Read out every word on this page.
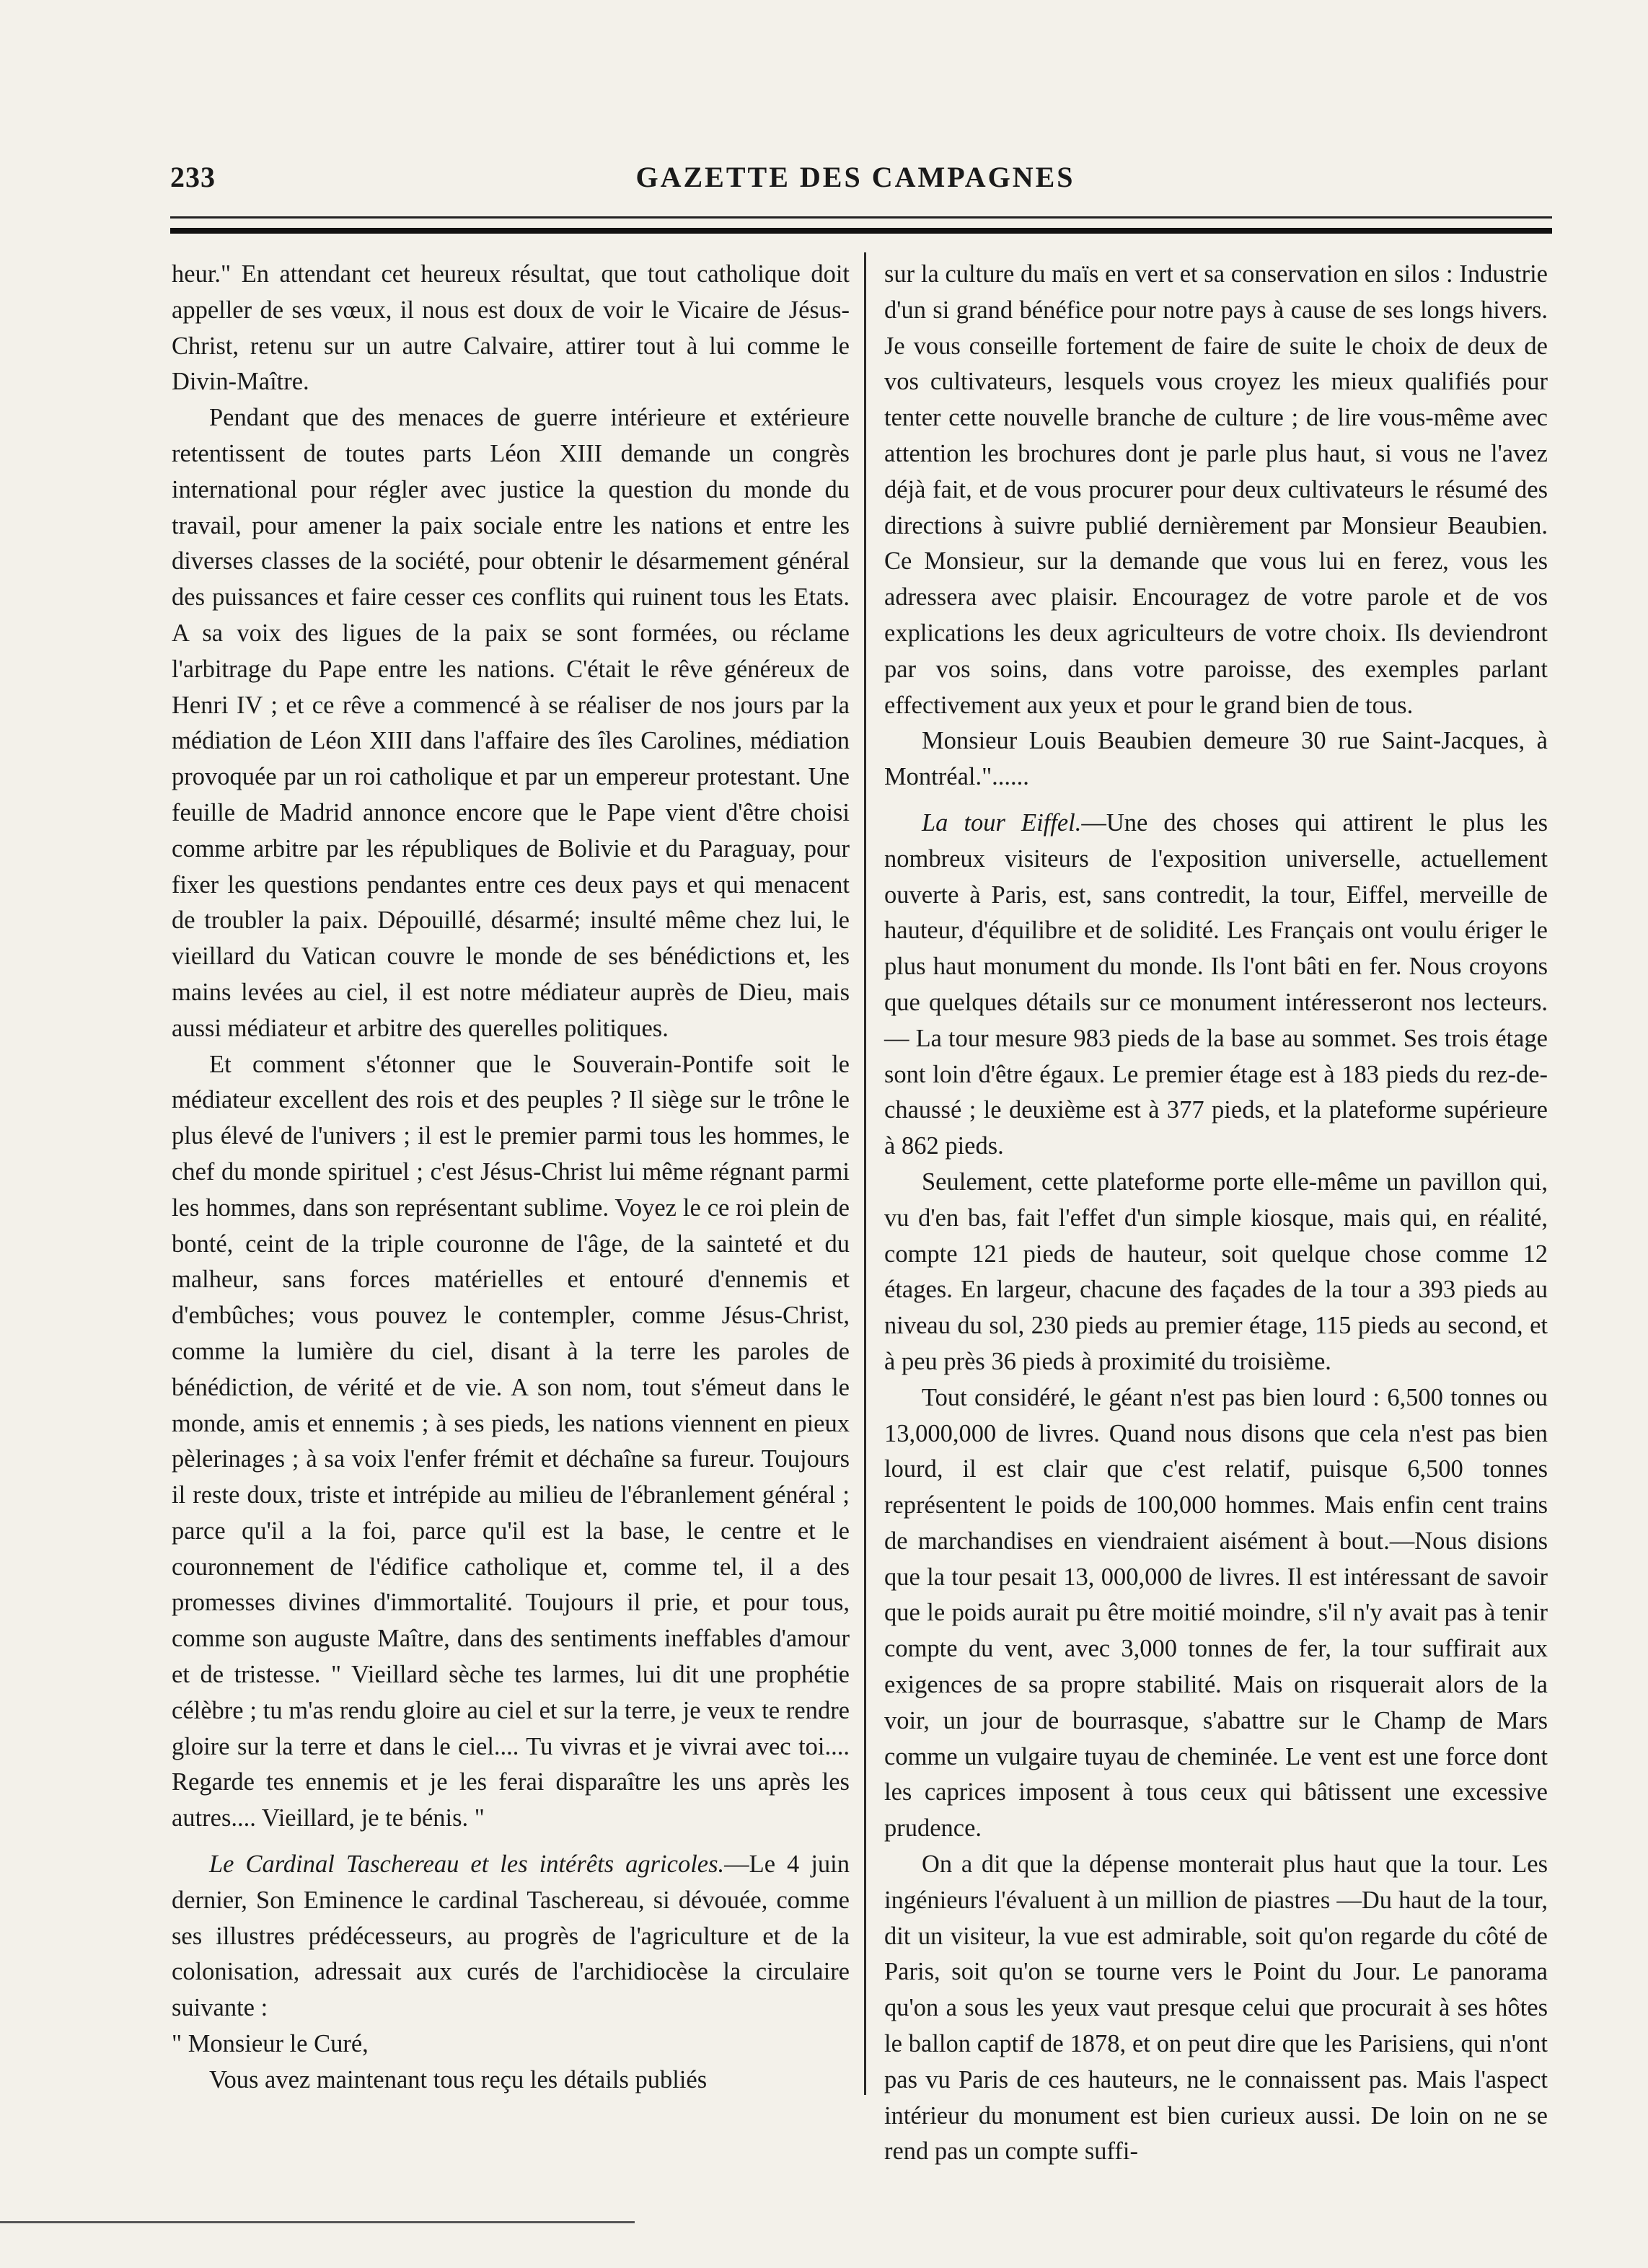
233	GAZETTE DES CAMPAGNES

heur." En attendant cet heureux résultat, que tout catholique doit appeller de ses vœux, il nous est doux de voir le Vicaire de Jésus-Christ, retenu sur un autre Calvaire, attirer tout à lui comme le Divin-Maître.

Pendant que des menaces de guerre intérieure et extérieure retentissent de toutes parts Léon XIII demande un congrès international pour régler avec justice la question du monde du travail, pour amener la paix sociale entre les nations et entre les diverses classes de la société, pour obtenir le désarmement général des puissances et faire cesser ces conflits qui ruinent tous les Etats. A sa voix des ligues de la paix se sont formées, ou réclame l'arbitrage du Pape entre les nations. C'était le rêve généreux de Henri IV ; et ce rêve a commencé à se réaliser de nos jours par la médiation de Léon XIII dans l'affaire des îles Carolines, médiation provoquée par un roi catholique et par un empereur protestant. Une feuille de Madrid annonce encore que le Pape vient d'être choisi comme arbitre par les républiques de Bolivie et du Paraguay, pour fixer les questions pendantes entre ces deux pays et qui menacent de troubler la paix. Dépouillé, désarmé; insulté même chez lui, le vieillard du Vatican couvre le monde de ses bénédictions et, les mains levées au ciel, il est notre médiateur auprès de Dieu, mais aussi médiateur et arbitre des querelles politiques.

Et comment s'étonner que le Souverain-Pontife soit le médiateur excellent des rois et des peuples ? Il siège sur le trône le plus élevé de l'univers ; il est le premier parmi tous les hommes, le chef du monde spirituel ; c'est Jésus-Christ lui même régnant parmi les hommes, dans son représentant sublime. Voyez le ce roi plein de bonté, ceint de la triple couronne de l'âge, de la sainteté et du malheur, sans forces matérielles et entouré d'ennemis et d'embûches; vous pouvez le contempler, comme Jésus-Christ, comme la lumière du ciel, disant à la terre les paroles de bénédiction, de vérité et de vie. A son nom, tout s'émeut dans le monde, amis et ennemis ; à ses pieds, les nations viennent en pieux pèlerinages ; à sa voix l'enfer frémit et déchaîne sa fureur. Toujours il reste doux, triste et intrépide au milieu de l'ébranlement général ; parce qu'il a la foi, parce qu'il est la base, le centre et le couronnement de l'édifice catholique et, comme tel, il a des promesses divines d'immortalité. Toujours il prie, et pour tous, comme son auguste Maître, dans des sentiments ineffables d'amour et de tristesse. " Vieillard sèche tes larmes, lui dit une prophétie célèbre ; tu m'as rendu gloire au ciel et sur la terre, je veux te rendre gloire sur la terre et dans le ciel.... Tu vivras et je vivrai avec toi.... Regarde tes ennemis et je les ferai disparaître les uns après les autres.... Vieillard, je te bénis. "

Le Cardinal Taschereau et les intérêts agricoles.—Le 4 juin dernier, Son Eminence le cardinal Taschereau, si dévouée, comme ses illustres prédécesseurs, au progrès de l'agriculture et de la colonisation, adressait aux curés de l'archidiocèse la circulaire suivante :

" Monsieur le Curé,

Vous avez maintenant tous reçu les détails publiés

sur la culture du maïs en vert et sa conservation en silos : Industrie d'un si grand bénéfice pour notre pays à cause de ses longs hivers. Je vous conseille fortement de faire de suite le choix de deux de vos cultivateurs, lesquels vous croyez les mieux qualifiés pour tenter cette nouvelle branche de culture ; de lire vous-même avec attention les brochures dont je parle plus haut, si vous ne l'avez déjà fait, et de vous procurer pour deux cultivateurs le résumé des directions à suivre publié dernièrement par Monsieur Beaubien. Ce Monsieur, sur la demande que vous lui en ferez, vous les adressera avec plaisir. Encouragez de votre parole et de vos explications les deux agriculteurs de votre choix. Ils deviendront par vos soins, dans votre paroisse, des exemples parlant effectivement aux yeux et pour le grand bien de tous.

Monsieur Louis Beaubien demeure 30 rue Saint-Jacques, à Montréal."......

La tour Eiffel.—Une des choses qui attirent le plus les nombreux visiteurs de l'exposition universelle, actuellement ouverte à Paris, est, sans contredit, la tour, Eiffel, merveille de hauteur, d'équilibre et de solidité. Les Français ont voulu ériger le plus haut monument du monde. Ils l'ont bâti en fer. Nous croyons que quelques détails sur ce monument intéresseront nos lecteurs. — La tour mesure 983 pieds de la base au sommet. Ses trois étage sont loin d'être égaux. Le premier étage est à 183 pieds du rez-de-chaussé ; le deuxième est à 377 pieds, et la plateforme supérieure à 862 pieds.

Seulement, cette plateforme porte elle-même un pavillon qui, vu d'en bas, fait l'effet d'un simple kiosque, mais qui, en réalité, compte 121 pieds de hauteur, soit quelque chose comme 12 étages. En largeur, chacune des façades de la tour a 393 pieds au niveau du sol, 230 pieds au premier étage, 115 pieds au second, et à peu près 36 pieds à proximité du troisième.

Tout considéré, le géant n'est pas bien lourd : 6,500 tonnes ou 13,000,000 de livres. Quand nous disons que cela n'est pas bien lourd, il est clair que c'est relatif, puisque 6,500 tonnes représentent le poids de 100,000 hommes. Mais enfin cent trains de marchandises en viendraient aisément à bout.—Nous disions que la tour pesait 13, 000,000 de livres. Il est intéressant de savoir que le poids aurait pu être moitié moindre, s'il n'y avait pas à tenir compte du vent, avec 3,000 tonnes de fer, la tour suffirait aux exigences de sa propre stabilité. Mais on risquerait alors de la voir, un jour de bourrasque, s'abattre sur le Champ de Mars comme un vulgaire tuyau de cheminée. Le vent est une force dont les caprices imposent à tous ceux qui bâtissent une excessive prudence.

On a dit que la dépense monterait plus haut que la tour. Les ingénieurs l'évaluent à un million de piastres —Du haut de la tour, dit un visiteur, la vue est admirable, soit qu'on regarde du côté de Paris, soit qu'on se tourne vers le Point du Jour. Le panorama qu'on a sous les yeux vaut presque celui que procurait à ses hôtes le ballon captif de 1878, et on peut dire que les Parisiens, qui n'ont pas vu Paris de ces hauteurs, ne le connaissent pas. Mais l'aspect intérieur du monument est bien curieux aussi. De loin on ne se rend pas un compte suffi-
